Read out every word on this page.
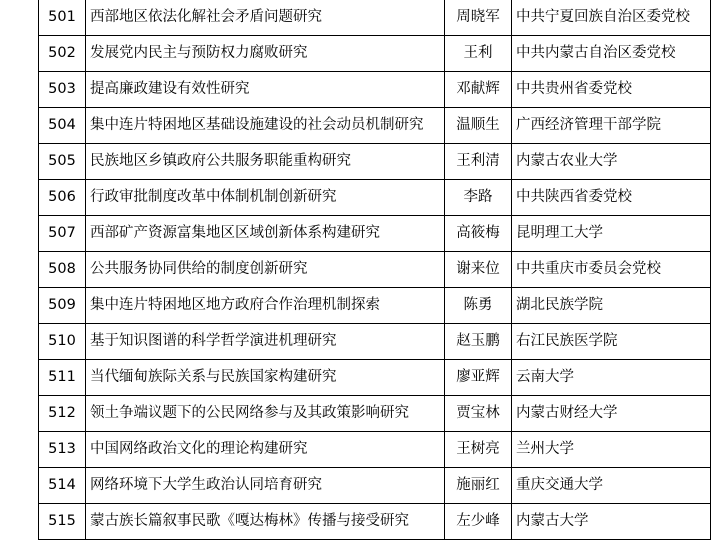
501	西部地区依法化解社会矛盾问题研究	周晓军	中共宁夏回族自治区委党校
502	发展党内民主与预防权力腐败研究	王利	中共内蒙古自治区委党校
503	提高廉政建设有效性研究	邓献辉	中共贵州省委党校
504	集中连片特困地区基础设施建设的社会动员机制研究	温顺生	广西经济管理干部学院
505	民族地区乡镇政府公共服务职能重构研究	王利清	内蒙古农业大学
506	行政审批制度改革中体制机制创新研究	李路	中共陕西省委党校
507	西部矿产资源富集地区区域创新体系构建研究	高筱梅	昆明理工大学
508	公共服务协同供给的制度创新研究	谢来位	中共重庆市委员会党校
509	集中连片特困地区地方政府合作治理机制探索	陈勇	湖北民族学院
510	基于知识图谱的科学哲学演进机理研究	赵玉鹏	右江民族医学院
511	当代缅甸族际关系与民族国家构建研究	廖亚辉	云南大学
512	领土争端议题下的公民网络参与及其政策影响研究	贾宝林	内蒙古财经大学
513	中国网络政治文化的理论构建研究	王树亮	兰州大学
514	网络环境下大学生政治认同培育研究	施丽红	重庆交通大学
515	蒙古族长篇叙事民歌《嘎达梅林》传播与接受研究	左少峰	内蒙古大学
